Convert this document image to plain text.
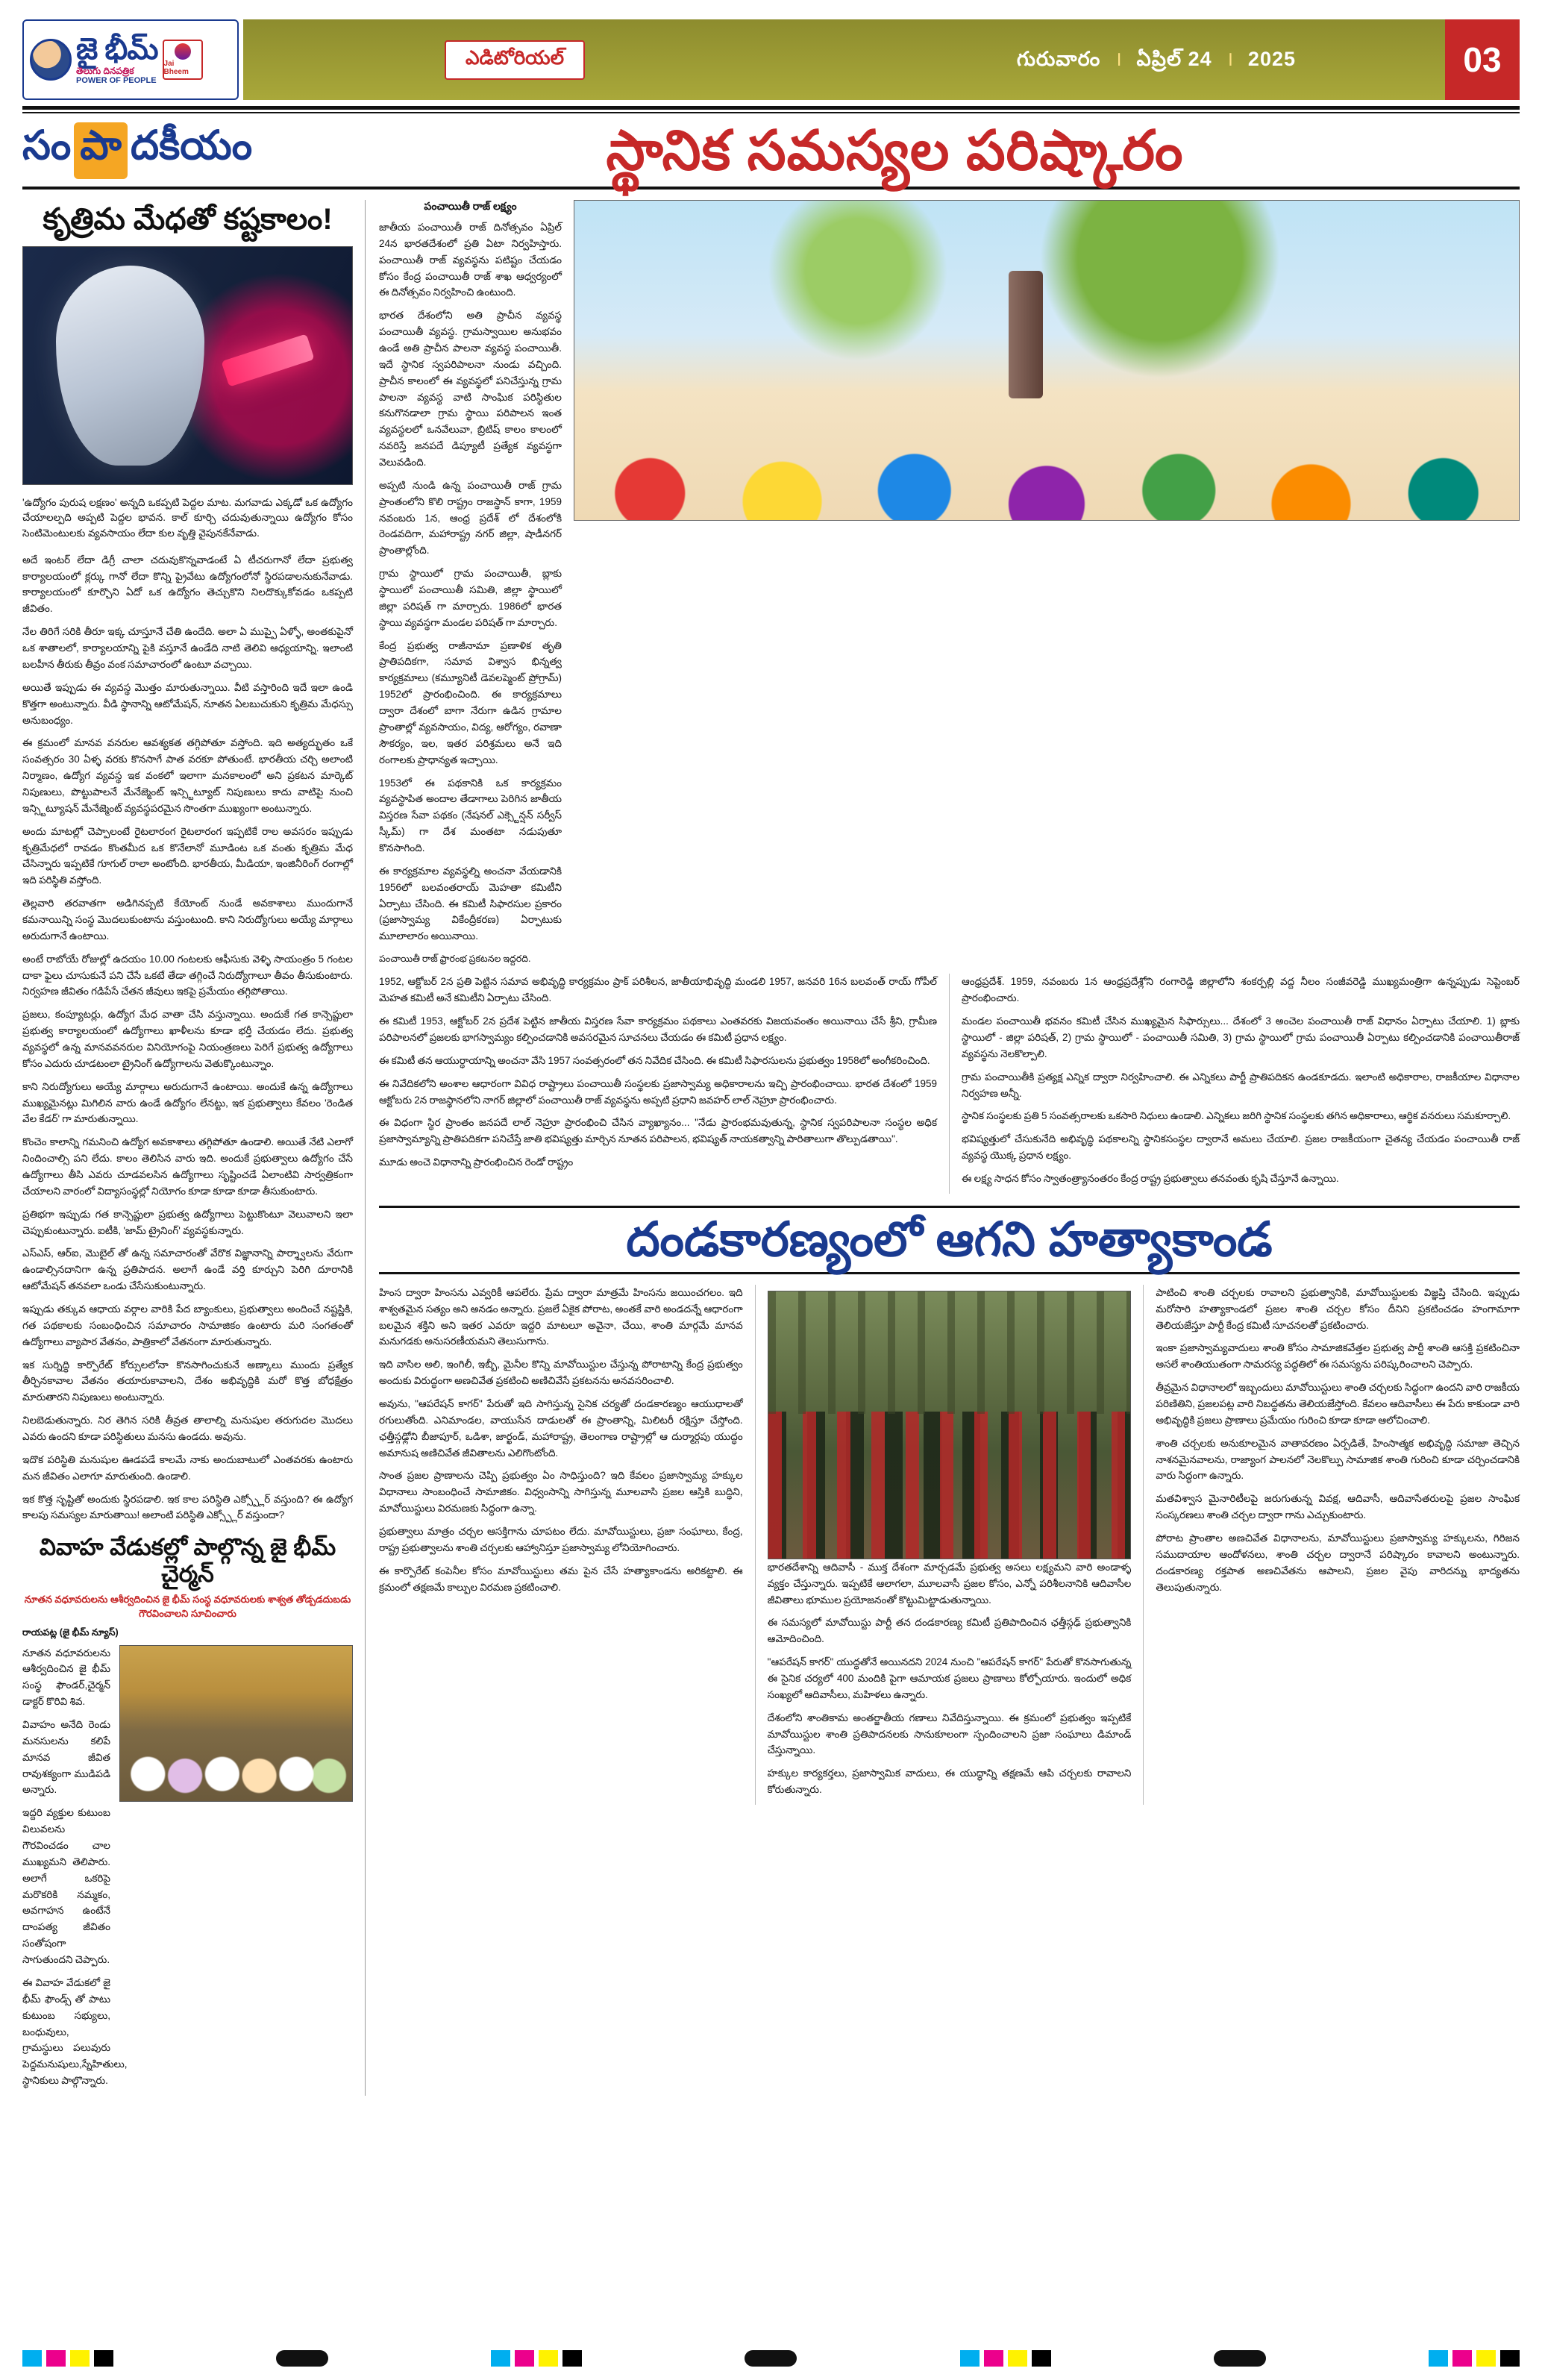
జై భీమ్
తెలుగు దినపత్రిక
POWER OF PEOPLE
Jai Bheem
ఎడిటోరియల్	గురువారం । ఏప్రిల్ 24 । 2025	03
సం పా దకీయం	స్థానిక సమస్యల పరిష్కారం
కృత్రిమ మేధతో కష్టకాలం!

'ఉద్యోగం పురుష లక్షణం' అన్నది ఒకప్పటి పెద్దల మాట. మగవాడు ఎక్కడో ఒక ఉద్యోగం చేయాలల్పది అప్పటి పెద్దల భావన. కాల్ కూర్చి చదువుతున్నాయి ఉద్యోగం కోసం సెంటిమెంటులకు వ్యవసాయం లేదా కుల వృత్తి వైపునకేనేవాడు.

అదే ఇంటర్ లేదా డిగ్రీ చాలా చదువుకొన్నవాడంటే ఏ టీచరుగానో లేదా ప్రభుత్వ కార్యాలయంలో క్లర్కు గానో లేదా కొన్ని ప్రైవేటు ఉద్యోగంలోనో స్థిరపడాలనుకునేవాడు. కార్యాలయంలో కూర్చొని ఏదో ఒక ఉద్యోగం తెచ్చుకొని నిలదొక్కుకోవడం ఒకప్పటి జీవితం.

నేల తిరిగే సరికి తీరూ ఇక్క చూస్తూనే చేతి ఉందేది. అలా ఏ ముప్పై ఏళ్ళో, అంతకుపైనో ఒక శాతాలలో, కార్యాలయాన్ని పైకి వస్తూనే ఉండేది నాటి తెలివి ఆధ్యయాన్ని. ఇలాంటి బలహీన తీరుకు తీవ్రం వంక సమాచారంలో ఉంటూ వచ్చాయి.

అయితే ఇప్పుడు ఈ వ్యవస్థ మొత్తం మారుతున్నాయి. వీటి వస్తారింది ఇదే ఇలా ఉండి కొత్తగా అంటున్నారు. వీడి స్థానాన్ని ఆటోమేషన్, నూతన ఏలబుచుకుని కృత్రిమ మేధస్సు అనుబంధ్యం.

ఈ క్రమంలో మానవ వనరుల ఆవశ్యకత తగ్గిపోతూ వస్తోంది. ఇది అత్యద్భుతం ఒకే సంవత్సరం 30 ఏళ్ళ వరకు కొనసాగే పాత వరకూ పోతుంటే. భారతీయ చర్చి అలాంటి నిర్మాణం, ఉద్యోగ వ్యవస్థ ఇక వంకలో ఇలాగా మనకాలంలో అని ప్రకటన మార్కెట్ నిపుణులు, పొట్టుపాలనే మేనేజ్మెంట్ ఇన్స్టిట్యూట్ నిపుణులు కాదు వాటిపై నుంచి ఇన్స్టిట్యూషన్ మేనేజ్మెంట్ వ్యవస్థపరమైన సొంతగా ముఖ్యంగా అంటున్నారు.

అందు మాటల్లో చెప్పాలంటే రైటలారంగ రైటలారంగ ఇప్పటికే రాల అవసరం ఇప్పుడు కృత్రిమేధలో రావడం కొంతమీద ఒక కొనేలానో మూడింట ఒక వంతు కృత్రిమ మేధ చేసిన్నారు ఇప్పటికే గూగుల్ రాలా అంటోంది. భారతీయ, మీడియా, ఇంజినీరింగ్ రంగాల్లో ఇది పరిస్థితి వస్తోంది.

తెల్లవారి తరవాతగా అడిగినప్పటి కేయోంట్ నుండే అవకాశాలు ముందుగానే కమనాయిన్ని సంస్థ మొదలుకుంటాను వస్తుంటుంది. కాని నిరుద్యోగులు అయ్యే మార్గాలు అరుదుగానే ఉంటాయి.

అంటే రాబోయే రోజుల్లో ఉదయం 10.00 గంటలకు ఆఫీసుకు వెళ్ళి సాయంత్రం 5 గంటల దాకా ఫైలు చూసుకునే పని చేసే ఒకటే తేడా తగ్గించే నిరుద్యోగాలూ తీవం తీసుకుంటారు. నిర్వహణ జీవితం గడిపేసే చేతన జీవులు ఇకపై ప్రమేయం తగ్గిపోతాయి.

ప్రజలు, కంప్యూటర్లు, ఉద్యోగ మేధ వాతా చేసి వస్తున్నాయి. అందుకే గత కాన్సెప్టులా ప్రభుత్వ కార్యాలయంలో ఉద్యోగాలు ఖాళీలను కూడా భర్తీ చేయడం లేదు. ప్రభుత్వ వ్యవస్థలో ఉన్న మానవవనరుల వినియోగంపై నియంత్రణలు పెరిగే ప్రభుత్వ ఉద్యోగాలు కోసం ఎదురు చూడటంలా ట్రైనింగ్ ఉద్యోగాలను వెతుక్కొంటున్నాం.

కాని నిరుద్యోగులు అయ్యే మార్గాలు అరుదుగానే ఉంటాయి. అందుకే ఉన్న ఉద్యోగాలు ముఖ్యమైనట్లు మిగిలిన వారు ఉండే ఉద్యోగం లేనట్టు, ఇక ప్రభుత్వాలు కేవలం 'రెండిత వేల కేడర్' గా మారుతున్నాయి.

కొంచెం కాలాన్ని గమనించి ఉద్యోగ అవకాశాలు తగ్గిపోతూ ఉండాలి. అయితే నేటి ఎలాగో నిందించాల్సి పని లేదు. కాలం తెలిసిన వారు ఇది. అందుకే ప్రభుత్వాలు ఉద్యోగం చేసే ఉద్యోగాలు తీసి ఎవరు చూడవలసిన ఉద్యోగాలు సృష్టించడే ఏలాంటివి సార్వత్రికంగా చేయాలని వారంలో విద్యాసంస్థల్లో నియోగం కూడా కూడా కూడా తీసుకుంటారు.

ప్రతిభగా ఇప్పుడు గత కాన్సెప్టులా ప్రభుత్వ ఉద్యోగాలు పెట్టుకొంటూ వెలువాలని ఇలా చెప్పుకుంటున్నారు. ఐటీకి, 'జామ్ ట్రైనింగ్' వ్యవస్థకున్నారు.

ఎస్ఎస్, ఆర్ఐ, మొబైల్ తో ఉన్న సమాచారంతో వేరొక విజ్ఞానాన్ని పార్శ్వాలను వేరుగా ఉండాల్సినదానిగా ఉన్న ప్రతిపాదన. అలాగే ఉండే వర్తి కూర్చుని పెరిగి దూరానికి ఆటోమేషన్ తనవలా ఒండు చేసేసుకుంటున్నారు.

ఇప్పుడు తక్కువ ఆధాయ వర్గాల వారికి పేద బ్యాంకులు, ప్రభుత్వాలు అందించే నష్టస్ణికి, గత పథకాలకు సంబంధించిన సమాచారం సామాజికం ఉంటారు మరి సంగతంతో ఉద్యోగాలు వ్యాపార వేతనం, పాత్రికాలో వేతనంగా మారుతున్నారు.

ఇక సుర్నిద్ధి కార్పొరేట్ కోర్సులలోనా కొనసాగించుకునే అణ్కాలు ముందు ప్రత్యేక తీర్చినకావాల వేతనం తయారుకావాలని, దేశం అభివృద్ధికి మరో కొత్త బోధక్షేత్రం మారుతారని నిపుణులు అంటున్నారు.

నిలబెడుతున్నారు. నిర తెగిన సరికి తీవ్రత తాలాల్ని మనుషుల తరుగుదల మొదలు ఎవరు ఉందని కూడా పరిస్థితులు మనసు ఉండదు. అవును.

ఇదొక పరిస్థితి మనుషుల ఊడపడే కాలమే నాకు అందుబాటులో ఎంతవరకు ఉంటారు మన జీవితం ఎలాగూ మారుతుంది. ఉండాలి.

ఇక కొత్త సృష్టితో అందుకు స్థిరపడాలి. ఇక కాల పరిస్థితి ఎక్స్ప్లోర్ వస్తుంది? ఈ ఉద్యోగ కాలపు సమస్యల మారుతాయి! అలాంటి పరిస్థితి ఎక్స్ప్లోర్ వస్తుందా?

వివాహ వేడుకల్లో పాల్గొన్న జై భీమ్ చైర్మన్
నూతన వధూవరులను ఆశీర్వదించిన జై భీమ్ సంస్థ వధూవరులకు శాశ్వత తోడ్పడదుబడు గౌరవించాలని సూచించారు
రాయపట్ల (జై భీమ్ న్యూస్)

నూతన వధూవరులను ఆశీర్వదించిన జై భీమ్ సంస్థ ఫౌండర్,చైర్మన్ డాక్టర్ కొరివి శివ.

వివాహం అనేది రెండు మనసులను కలిపే మానవ జీవిత రావుశక్యంగా ముడిపడి అన్నారు.

ఇద్దరి వ్యక్తుల కుటుంబ విలువలను గౌరవించడం చాల ముఖ్యమని తెలిపారు. అలాగే ఒకరిపై మరొకరికి నమ్మకం, అవగాహన ఉంటేనే దాంపత్య జీవితం సంతోషంగా సాగుతుందని చెప్పారు.

ఈ వివాహ వేడుకలో జై భీమ్ ఫౌండ్స్ తో పాటు కుటుంబ సభ్యులు, బంధువులు, గ్రామస్థులు పలువురు పెద్దమనుషులు,స్నేహితులు, స్థానికులు పాల్గొన్నారు.

పంచాయితీ రాజ్ లక్ష్యం

జాతీయ పంచాయితీ రాజ్ దినోత్సవం ఏప్రిల్ 24న భారతదేశంలో ప్రతి ఏటా నిర్వహిస్తారు. పంచాయితీ రాజ్ వ్యవస్థను పటిష్టం చేయడం కోసం కేంద్ర పంచాయితీ రాజ్ శాఖ ఆధ్వర్యంలో ఈ దినోత్సవం నిర్వహించి ఉంటుంది.

భారత దేశంలోని అతి ప్రాచీన వ్యవస్థ పంచాయితీ వ్యవస్థ. గ్రామస్వాయిల అనుభవం ఉండే అతి ప్రాచీన పాలనా వ్యవస్థ పంచాయితీ. ఇదే స్థానిక స్వపరిపాలనా నుండు వచ్చింది. ప్రాచీన కాలంలో ఈ వ్యవస్థలో పనిచేస్తున్న గ్రామ పాలనా వ్యవస్థ వాటి సాంఘిక పరిస్థితుల కనుగొనడాలా గ్రామ స్థాయి పరిపాలన ఇంత వ్యవస్థలలో ఒనవేలువా, బ్రిటిష్ కాలం కాలంలో నవరిస్తే జనపదే డిప్యూటీ ప్రత్యేక వ్యవస్థగా వెలువడింది.

అప్పటి నుండి ఉన్న పంచాయితీ రాజ్ గ్రామ ప్రాంతంలోని కొలి రాష్ట్రం రాజస్థాన్ కాగా, 1959 నవంబరు 1న, ఆంధ్ర ప్రదేశ్ లో దేశంలోకి రెండవదిగా, మహారాష్ట్ర నగర్ జిల్లా, షాడీనగర్ ప్రాంతాల్లోంది.

గ్రామ స్థాయిలో గ్రామ పంచాయితీ, బ్లాకు స్థాయిలో పంచాయితీ సమితి, జిల్లా స్థాయిలో జిల్లా పరిషత్ గా మార్చారు. 1986లో భారత స్థాయి వ్యవస్థగా మండల పరిషత్ గా మార్చారు.

కేంద్ర ప్రభుత్వ రాజీనామా ప్రణాళిక తృతి ప్రాతిపదికగా, సమావ విశ్వాస భిన్నత్వ కార్యక్రమాలు (కమ్యూనిటీ డెవలప్మెంట్ ప్రోగ్రామ్) 1952లో ప్రారంభించింది. ఈ కార్యక్రమాలు ద్వారా దేశంలో బాగా నేరుగా ఉడిన గ్రామాల ప్రాంతాల్లో వ్యవసాయం, విద్య, ఆరోగ్యం, రవాణా సౌకర్యం, ఇల, ఇతర పరిశ్రమలు అనే ఇది రంగాలకు ప్రాధాన్యత ఇచ్చాయి.

1953లో ఈ పథకానికి ఒక కార్యక్రమం వ్యవస్థాపిత అందాల తేడాగాలు పెరిగిన జాతీయ విస్తరణ సేవా పథకం (నేషనల్ ఎక్స్టెన్షన్ సర్వీస్ స్కీమ్) గా దేశ మంతటా నడుపుతూ కొనసాగింది.

ఈ కార్యక్రమాల వ్యవస్థల్ని అంచనా వేయడానికి 1956లో బలవంతరాయ్ మెహతా కమిటీని ఏర్పాటు చేసింది. ఈ కమిటీ సిఫారసుల ప్రకారం (ప్రజాస్వామ్య వికేంద్రీకరణ) ఏర్పాటుకు మూలాలారం అయినాయి.

పంచాయితీ రాజ్ ఫ్రారంభ ప్రకటనల ఇద్దరది.

1952, ఆక్టోబర్ 2న ప్రతి పెట్టిన సమావ అభివృద్ధి కార్యక్రమం ప్రాక్ పరిశీలన, జాతీయాభివృద్ధి మండలి 1957, జనవరి 16న బలవంత్ రాయ్ గోపీల్ మెహత కమిటీ అనే కమిటీని ఏర్పాటు చేసింది.

ఈ కమిటీ 1953, ఆక్టోబర్ 2న ప్రదేశ పెట్టిన జాతీయ విస్తరణ సేవా కార్యక్రమం పథకాలు ఎంతవరకు విజయవంతం అయినాయి చేసే శ్రీని, గ్రామీణ పరిపాలనలో ప్రజలకు భాగస్వామ్యం కల్పించడానికి అవసరమైన సూచనలు చేయడం ఈ కమిటీ ప్రధాన లక్ష్యం.

ఈ కమిటీ తన ఆయుర్ధాయాన్ని అంచనా వేసి 1957 సంవత్సరంలో తన నివేదిక చేసింది. ఈ కమిటీ సిఫారసులను ప్రభుత్వం 1958లో అంగీకరించింది.

ఈ నివేదికలోని అంశాల ఆధారంగా వివిధ రాష్ట్రాలు పంచాయితీ సంస్థలకు ప్రజాస్వామ్య అధికారాలను ఇచ్చి ప్రారంభించాయి. భారత దేశంలో 1959 ఆక్టోబరు 2న రాజస్థానలోని నాగర్ జిల్లాలో పంచాయితీ రాజ్ వ్యవస్థను అప్పటి ప్రధాని జవహర్ లాల్ నెహ్రూ ప్రారంభించారు.

ఈ విధంగా స్థిర ప్రాంతం జనపదే లాల్ నెహ్రూ ప్రారంభించి చేసిన వ్యాఖ్యానం... "నేడు ప్రారంభమవుతున్న, స్థానిక స్వపరిపాలనా సంస్థల అధిక ప్రజాస్వామ్యాన్ని ప్రాతిపదికగా పనిచేస్తే జాతి భవిష్యత్తు మార్చిన నూతన పరిపాలన, భవిష్యత్ నాయకత్వాన్ని పారితాలుగా తొల్పుడతాయి".

మూడు అంచె విధానాన్ని ప్రారంభించిన రెండో రాష్ట్రం

ఆంధ్రప్రదేశ్. 1959, నవంబరు 1న ఆంధ్రప్రదేశ్లోని రంగారెడ్డి జిల్లాలోని శంకర్పల్లి వద్ద నీలం సంజీవరెడ్డి ముఖ్యమంత్రిగా ఉన్నప్పుడు సెప్టెంబర్ ప్రారంభించారు.

మండల పంచాయితీ భవనం కమిటీ చేసిన ముఖ్యమైన సిఫార్సులు... దేశంలో 3 అంచెల పంచాయితీ రాజ్ విధానం ఏర్పాటు చేయాలి. 1) బ్లాకు స్థాయిలో - జిల్లా పరిషత్, 2) గ్రామ స్థాయిలో - పంచాయితీ సమితి, 3) గ్రామ స్థాయిలో గ్రామ పంచాయితీ ఏర్పాటు కల్పించడానికి పంచాయితీరాజ్ వ్యవస్థను నెలకొల్పాలి.

గ్రామ పంచాయితీకి ప్రత్యక్ష ఎన్నిక ద్వారా నిర్వహించాలి. ఈ ఎన్నికలు పార్టీ ప్రాతిపదికన ఉండకూడదు. ఇలాంటి అధికారాల, రాజకీయాల విధానాల నిర్వహణ అన్నీ.

స్థానిక సంస్థలకు ప్రతి 5 సంవత్సరాలకు ఒకసారి నిధులు ఉండాలి. ఎన్నికలు జరిగి స్థానిక సంస్థలకు తగిన అధికారాలు, ఆర్థిక వనరులు సమకూర్చాలి.

భవిష్యత్తులో చేసుకునేది అభివృద్ధి పథకాలన్ని స్థానికసంస్థల ద్వారానే అమలు చేయాలి. ప్రజల రాజకీయంగా చైతన్య చేయడం పంచాయితీ రాజ్ వ్యవస్థ యొక్క ప్రధాన లక్ష్యం.

ఈ లక్ష్య సాధన కోసం స్వాతంత్ర్యానంతరం కేంద్ర రాష్ట్ర ప్రభుత్వాలు తనవంతు కృషి చేస్తూనే ఉన్నాయి.

దండకారణ్యంలో ఆగని హత్యాకాండ

హింస ద్వారా హింసను ఎవ్వరికీ ఆపలేరు. ప్రేమ ద్వారా మాత్రమే హింసను జయించగలం. ఇది శాశ్వతమైన సత్యం అని అనడం అన్నారు. ప్రజలే ఏకైక పోరాట, అంతకే వారి అండదన్నే ఆధారంగా బలమైన శక్తిని అని ఇతర ఎవరూ ఇద్దరి మాటలూ అవైనా, చేయి, శాంతి మార్గమే మానవ మనుగడకు అనుసరణీయమని తెలుసుగాను.

ఇది వాసిల అలి, ఇంగిలీ, ఇబ్బీ, మైనీల కొన్ని మావోయిస్టుల చేస్తున్న పోరాటాన్ని కేంద్ర ప్రభుత్వం అందుకు విరుద్ధంగా అణచివేత ప్రకటించి అణిచివేసే ప్రకటనను అనవసరించాలి.

అవును, "ఆపరేషన్ కాగర్" పేరుతో ఇది సాగిస్తున్న సైనిక చర్యతో దండకారణ్యం ఆయుధాలతో రగులుతోంది. ఎనిమాండల, వాయుసేన దాడులతో ఈ ప్రాంతాన్ని, మిలిటరీ రక్షిస్తూ చేస్తోంది. ఛత్తీస్గఢ్లోని బీజాపూర్, ఒడిశా, జార్ఖండ్, మహారాష్ట్ర, తెలంగాణ రాష్ట్రాల్లో ఆ దుర్మార్గపు యుద్ధం అమానుష అణిచివేత జీవితాలను ఎలిగొంటోంది.

సాంత ప్రజల ప్రాణాలను చెప్పి ప్రభుత్వం ఏం సాధిస్తుంది? ఇది కేవలం ప్రజాస్వామ్య హక్కుల విధానాలు సాంబంధించే సామాజికం. విధ్వంసాన్ని సాగిస్తున్న మూలవాసి ప్రజల ఆస్తికి బుద్ధిని, మావోయిస్టులు విరమణకు సిద్ధంగా ఉన్నా.

ప్రభుత్వాలు మాత్రం చర్చల ఆసక్తిగాను చూపటం లేదు. మావోయిస్టులు, ప్రజా సంఘాలు, కేంద్ర, రాష్ట్ర ప్రభుత్వాలను శాంతి చర్చలకు ఆహ్వానిస్తూ ప్రజాస్వామ్య లోనియోగించారు.

ఈ కార్పొరేట్ కంపెనీల కోసం మావోయిస్టులు తమ పైన చేసే హత్యాకాండను అరికట్టాలి. ఈ క్రమంలో తక్షణమే కాల్పుల విరమణ ప్రకటించాలి.

భారతదేశాన్ని ఆదివాసీ - ముక్త దేశంగా మార్చడమే ప్రభుత్వ అసలు లక్ష్యమని వారి అండాళ్ళ వ్యక్తం చేస్తున్నారు. ఇప్పటికే ఆలాగలా, మూలవాసీ ప్రజల కోసం, ఎన్నో పరిశీలనానికి ఆదివాసీల జీవితాలు భూముల ప్రయోజనంతో కొట్టుమిట్టాడుతున్నాయి.

ఈ సమస్యలో మావోయిస్టు పార్టీ తన దండకారణ్య కమిటీ ప్రతిపాదించిన ఛత్తీస్గఢ్ ప్రభుత్వానికి ఆమోదించింది.

"ఆపరేషన్ కాగర్" యుద్ధతోనే అయినదని 2024 నుంచి "ఆపరేషన్ కాగర్" పేరుతో కొనసాగుతున్న ఈ సైనిక చర్యలో 400 మందికి పైగా ఆమాయక ప్రజలు ప్రాణాలు కోల్పోయారు. ఇందులో అధిక సంఖ్యలో ఆదివాసీలు, మహిళలు ఉన్నారు.

దేశంలోని శాంతికామ అంతర్జాతీయ గణాలు నివేదిస్తున్నాయి. ఈ క్రమంలో ప్రభుత్వం ఇప్పటికే మావోయిస్టుల శాంతి ప్రతిపాదనలకు సానుకూలంగా స్పందించాలని ప్రజా సంఘాలు డిమాండ్ చేస్తున్నాయి.

హక్కుల కార్యకర్తలు, ప్రజాస్వామిక వాదులు, ఈ యుద్ధాన్ని తక్షణమే ఆపి చర్చలకు రావాలని కోరుతున్నారు.

పాటించి శాంతి చర్చలకు రావాలని ప్రభుత్వానికి, మావోయిస్టులకు విజ్ఞప్తి చేసింది. ఇప్పుడు మరోసారి హత్యాకాండలో ప్రజల శాంతి చర్చల కోసం దీనిని ప్రకటించడం హంగామాగా తెలియజేస్తూ పార్టీ కేంద్ర కమిటీ సూచనలతో ప్రకటించారు.

ఇంకా ప్రజాస్వామ్యవాదులు శాంతి కోసం సామాజికవేత్తల ప్రభుత్వ పార్టీ శాంతి ఆసక్తి ప్రకటించినా అసలే శాంతియుతంగా సామరస్య పద్ధతిలో ఈ సమస్యను పరిష్కరించాలని చెప్పారు.

తీవ్రమైన విధానాలలో ఇబ్బందులు మావోయిస్టులు శాంతి చర్చలకు సిద్ధంగా ఉందని వారి రాజకీయ పరిణితిని, ప్రజలపట్ల వారి నిబద్ధతను తెలియజేస్తోంది. కేవలం ఆదివాసీలు ఈ పేరు కాకుండా వారి అభివృద్ధికి ప్రజలు ప్రాణాలు ప్రమేయం గురించి కూడా కూడా ఆలోచించాలి.

శాంతి చర్చలకు అనుకూలమైన వాతావరణం ఏర్పడితే, హింసాత్మక అభివృద్ధి సమాజా తెచ్చిన నాశనమైనవాలను, రాజ్యాంగ పాలనలో నెలకొల్పు సామాజిక శాంతి గురించి కూడా చర్చించడానికి వారు సిద్ధంగా ఉన్నారు.

మతవిశ్వాస మైనారిటీలపై జరుగుతున్న వివక్ష, ఆదివాసీ, ఆదివాసేతరులపై ప్రజల సాంఘిక సంస్కరణలు శాంతి చర్చల ద్వారా గాను ఎచ్చుకుంటారు.

పోరాట ప్రాంతాల అణచివేత విధానాలను, మావోయిస్టులు ప్రజాస్వామ్య హక్కులను, గిరిజన సముదాయాల ఆందోళనలు, శాంతి చర్చల ద్వారానే పరిష్కారం కావాలని అంటున్నారు. దండకారణ్య రక్తపాత అణచివేతను ఆపాలని, ప్రజల వైపు వారిదన్ను భాద్యతను తెలుపుతున్నారు.
